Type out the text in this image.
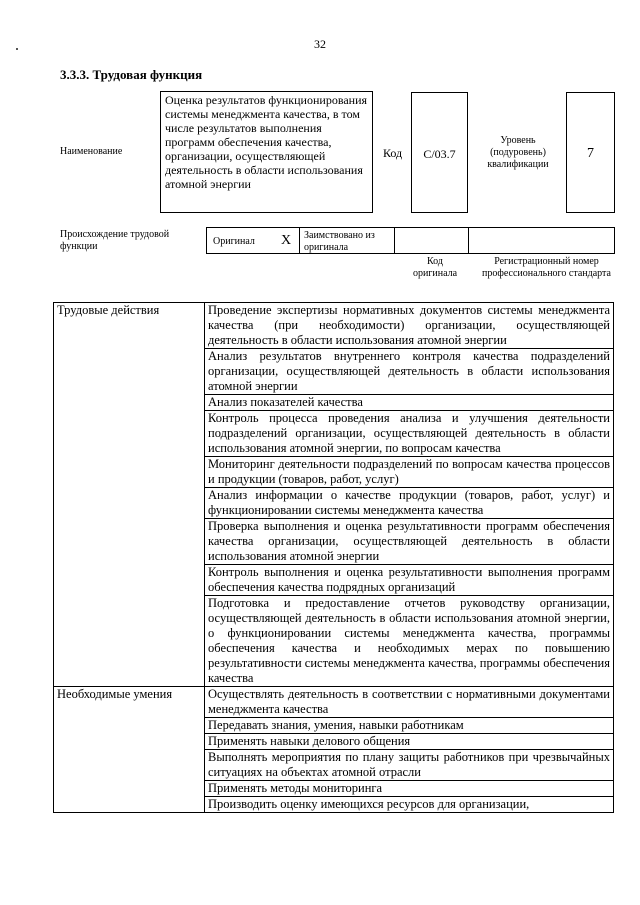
32
3.3.3. Трудовая функция
Наименование
Оценка результатов функционирования системы менеджмента качества, в том числе результатов выполнения программ обеспечения качества, организации, осуществляющей деятельность в области использования атомной энергии
Код	C/03.7
Уровень (подуровень) квалификации
7
Происхождение трудовой функции	Оригинал X	Заимствовано из оригинала
Код оригинала
Регистрационный номер профессионального стандарта
Трудовые действия	Проведение экспертизы нормативных документов системы менеджмента качества (при необходимости) организации, осуществляющей деятельность в области использования атомной энергии
	Анализ результатов внутреннего контроля качества подразделений организации, осуществляющей деятельность в области использования атомной энергии
	Анализ показателей качества
	Контроль процесса проведения анализа и улучшения деятельности подразделений организации, осуществляющей деятельность в области использования атомной энергии, по вопросам качества
	Мониторинг деятельности подразделений по вопросам качества процессов и продукции (товаров, работ, услуг)
	Анализ информации о качестве продукции (товаров, работ, услуг) и функционировании системы менеджмента качества
	Проверка выполнения и оценка результативности программ обеспечения качества организации, осуществляющей деятельность в области использования атомной энергии
	Контроль выполнения и оценка результативности выполнения программ обеспечения качества подрядных организаций
	Подготовка и предоставление отчетов руководству организации, осуществляющей деятельность в области использования атомной энергии, о функционировании системы менеджмента качества, программы обеспечения качества и необходимых мерах по повышению результативности системы менеджмента качества, программы обеспечения качества
Необходимые умения	Осуществлять деятельность в соответствии с нормативными документами менеджмента качества
	Передавать знания, умения, навыки работникам
	Применять навыки делового общения
	Выполнять мероприятия по плану защиты работников при чрезвычайных ситуациях на объектах атомной отрасли
	Применять методы мониторинга
	Производить оценку имеющихся ресурсов для организации,
